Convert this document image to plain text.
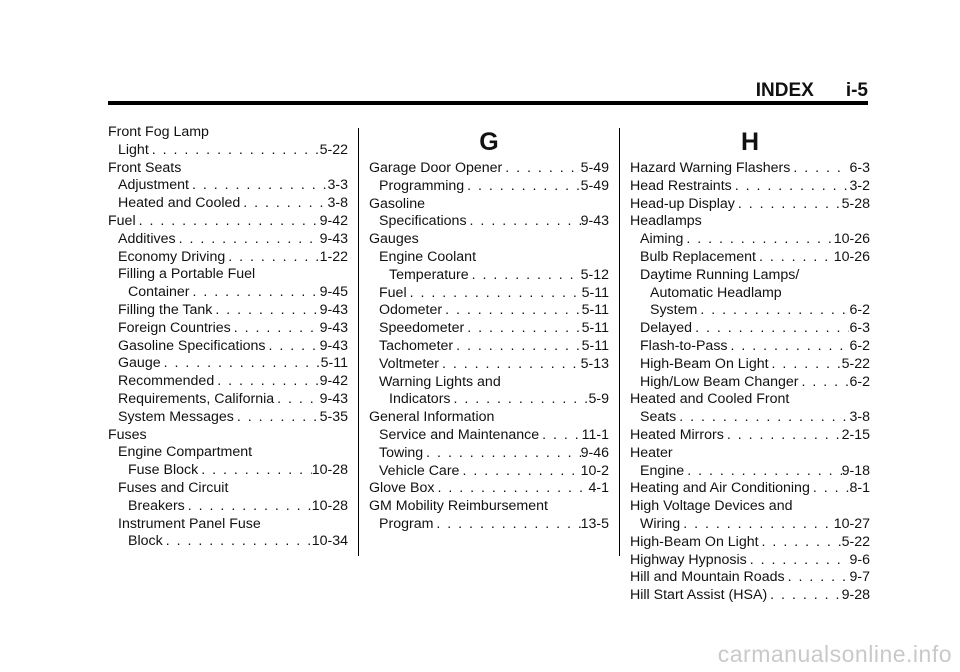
INDEX i-5
Front Fog Lamp
Light . . .	5-22
Front Seats
Adjustment . . .	3-3
Heated and Cooled . . .	3-8
Fuel . . .	9-42
Additives . . .	9-43
Economy Driving . . .	1-22
Filling a Portable Fuel
Container . . .	9-45
Filling the Tank . . .	9-43
Foreign Countries . . .	9-43
Gasoline Specifications . . .	9-43
Gauge . . .	5-11
Recommended . . .	9-42
Requirements, California . . .	9-43
System Messages . . .	5-35
Fuses
Engine Compartment
Fuse Block . . .	10-28
Fuses and Circuit
Breakers . . .	10-28
Instrument Panel Fuse
Block . . .	10-34
G
Garage Door Opener . . .	5-49
Programming . . .	5-49
Gasoline
Specifications . . .	9-43
Gauges
Engine Coolant
Temperature . . .	5-12
Fuel . . .	5-11
Odometer . . .	5-11
Speedometer . . .	5-11
Tachometer . . .	5-11
Voltmeter . . .	5-13
Warning Lights and
Indicators . . .	5-9
General Information
Service and Maintenance . . .	11-1
Towing . . .	9-46
Vehicle Care . . .	10-2
Glove Box . . .	4-1
GM Mobility Reimbursement
Program . . .	13-5
H
Hazard Warning Flashers . . .	6-3
Head Restraints . . .	3-2
Head-up Display . . .	5-28
Headlamps
Aiming . . .	10-26
Bulb Replacement . . .	10-26
Daytime Running Lamps/
Automatic Headlamp
System . . .	6-2
Delayed . . .	6-3
Flash-to-Pass . . .	6-2
High-Beam On Light . . .	5-22
High/Low Beam Changer . . .	6-2
Heated and Cooled Front
Seats . . .	3-8
Heated Mirrors . . .	2-15
Heater
Engine . . .	9-18
Heating and Air Conditioning . . .	8-1
High Voltage Devices and
Wiring . . .	10-27
High-Beam On Light . . .	5-22
Highway Hypnosis . . .	9-6
Hill and Mountain Roads . . .	9-7
Hill Start Assist (HSA) . . .	9-28
carmanualsonline.info
